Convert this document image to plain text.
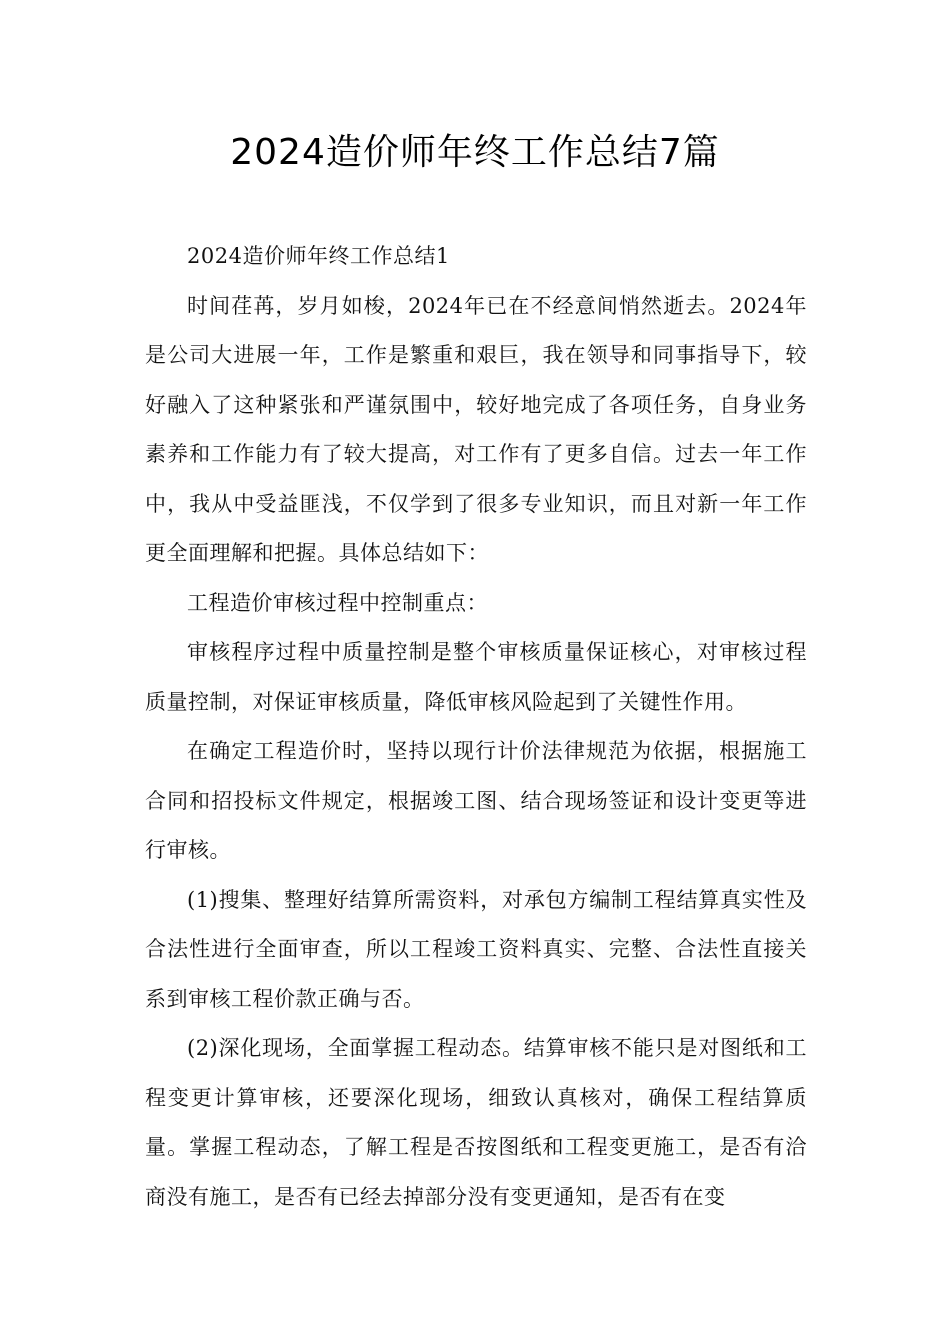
2024造价师年终工作总结7篇

2024造价师年终工作总结1

时间荏苒，岁月如梭，2024年已在不经意间悄然逝去。2024年是公司大进展一年，工作是繁重和艰巨，我在领导和同事指导下，较好融入了这种紧张和严谨氛围中，较好地完成了各项任务，自身业务素养和工作能力有了较大提高，对工作有了更多自信。过去一年工作中，我从中受益匪浅，不仅学到了很多专业知识，而且对新一年工作更全面理解和把握。具体总结如下：

工程造价审核过程中控制重点：

审核程序过程中质量控制是整个审核质量保证核心，对审核过程质量控制，对保证审核质量，降低审核风险起到了关键性作用。

在确定工程造价时，坚持以现行计价法律规范为依据，根据施工合同和招投标文件规定，根据竣工图、结合现场签证和设计变更等进行审核。

(1)搜集、整理好结算所需资料，对承包方编制工程结算真实性及合法性进行全面审查，所以工程竣工资料真实、完整、合法性直接关系到审核工程价款正确与否。

(2)深化现场，全面掌握工程动态。结算审核不能只是对图纸和工程变更计算审核，还要深化现场，细致认真核对，确保工程结算质量。掌握工程动态，了解工程是否按图纸和工程变更施工，是否有洽商没有施工，是否有已经去掉部分没有变更通知，是否有在变
